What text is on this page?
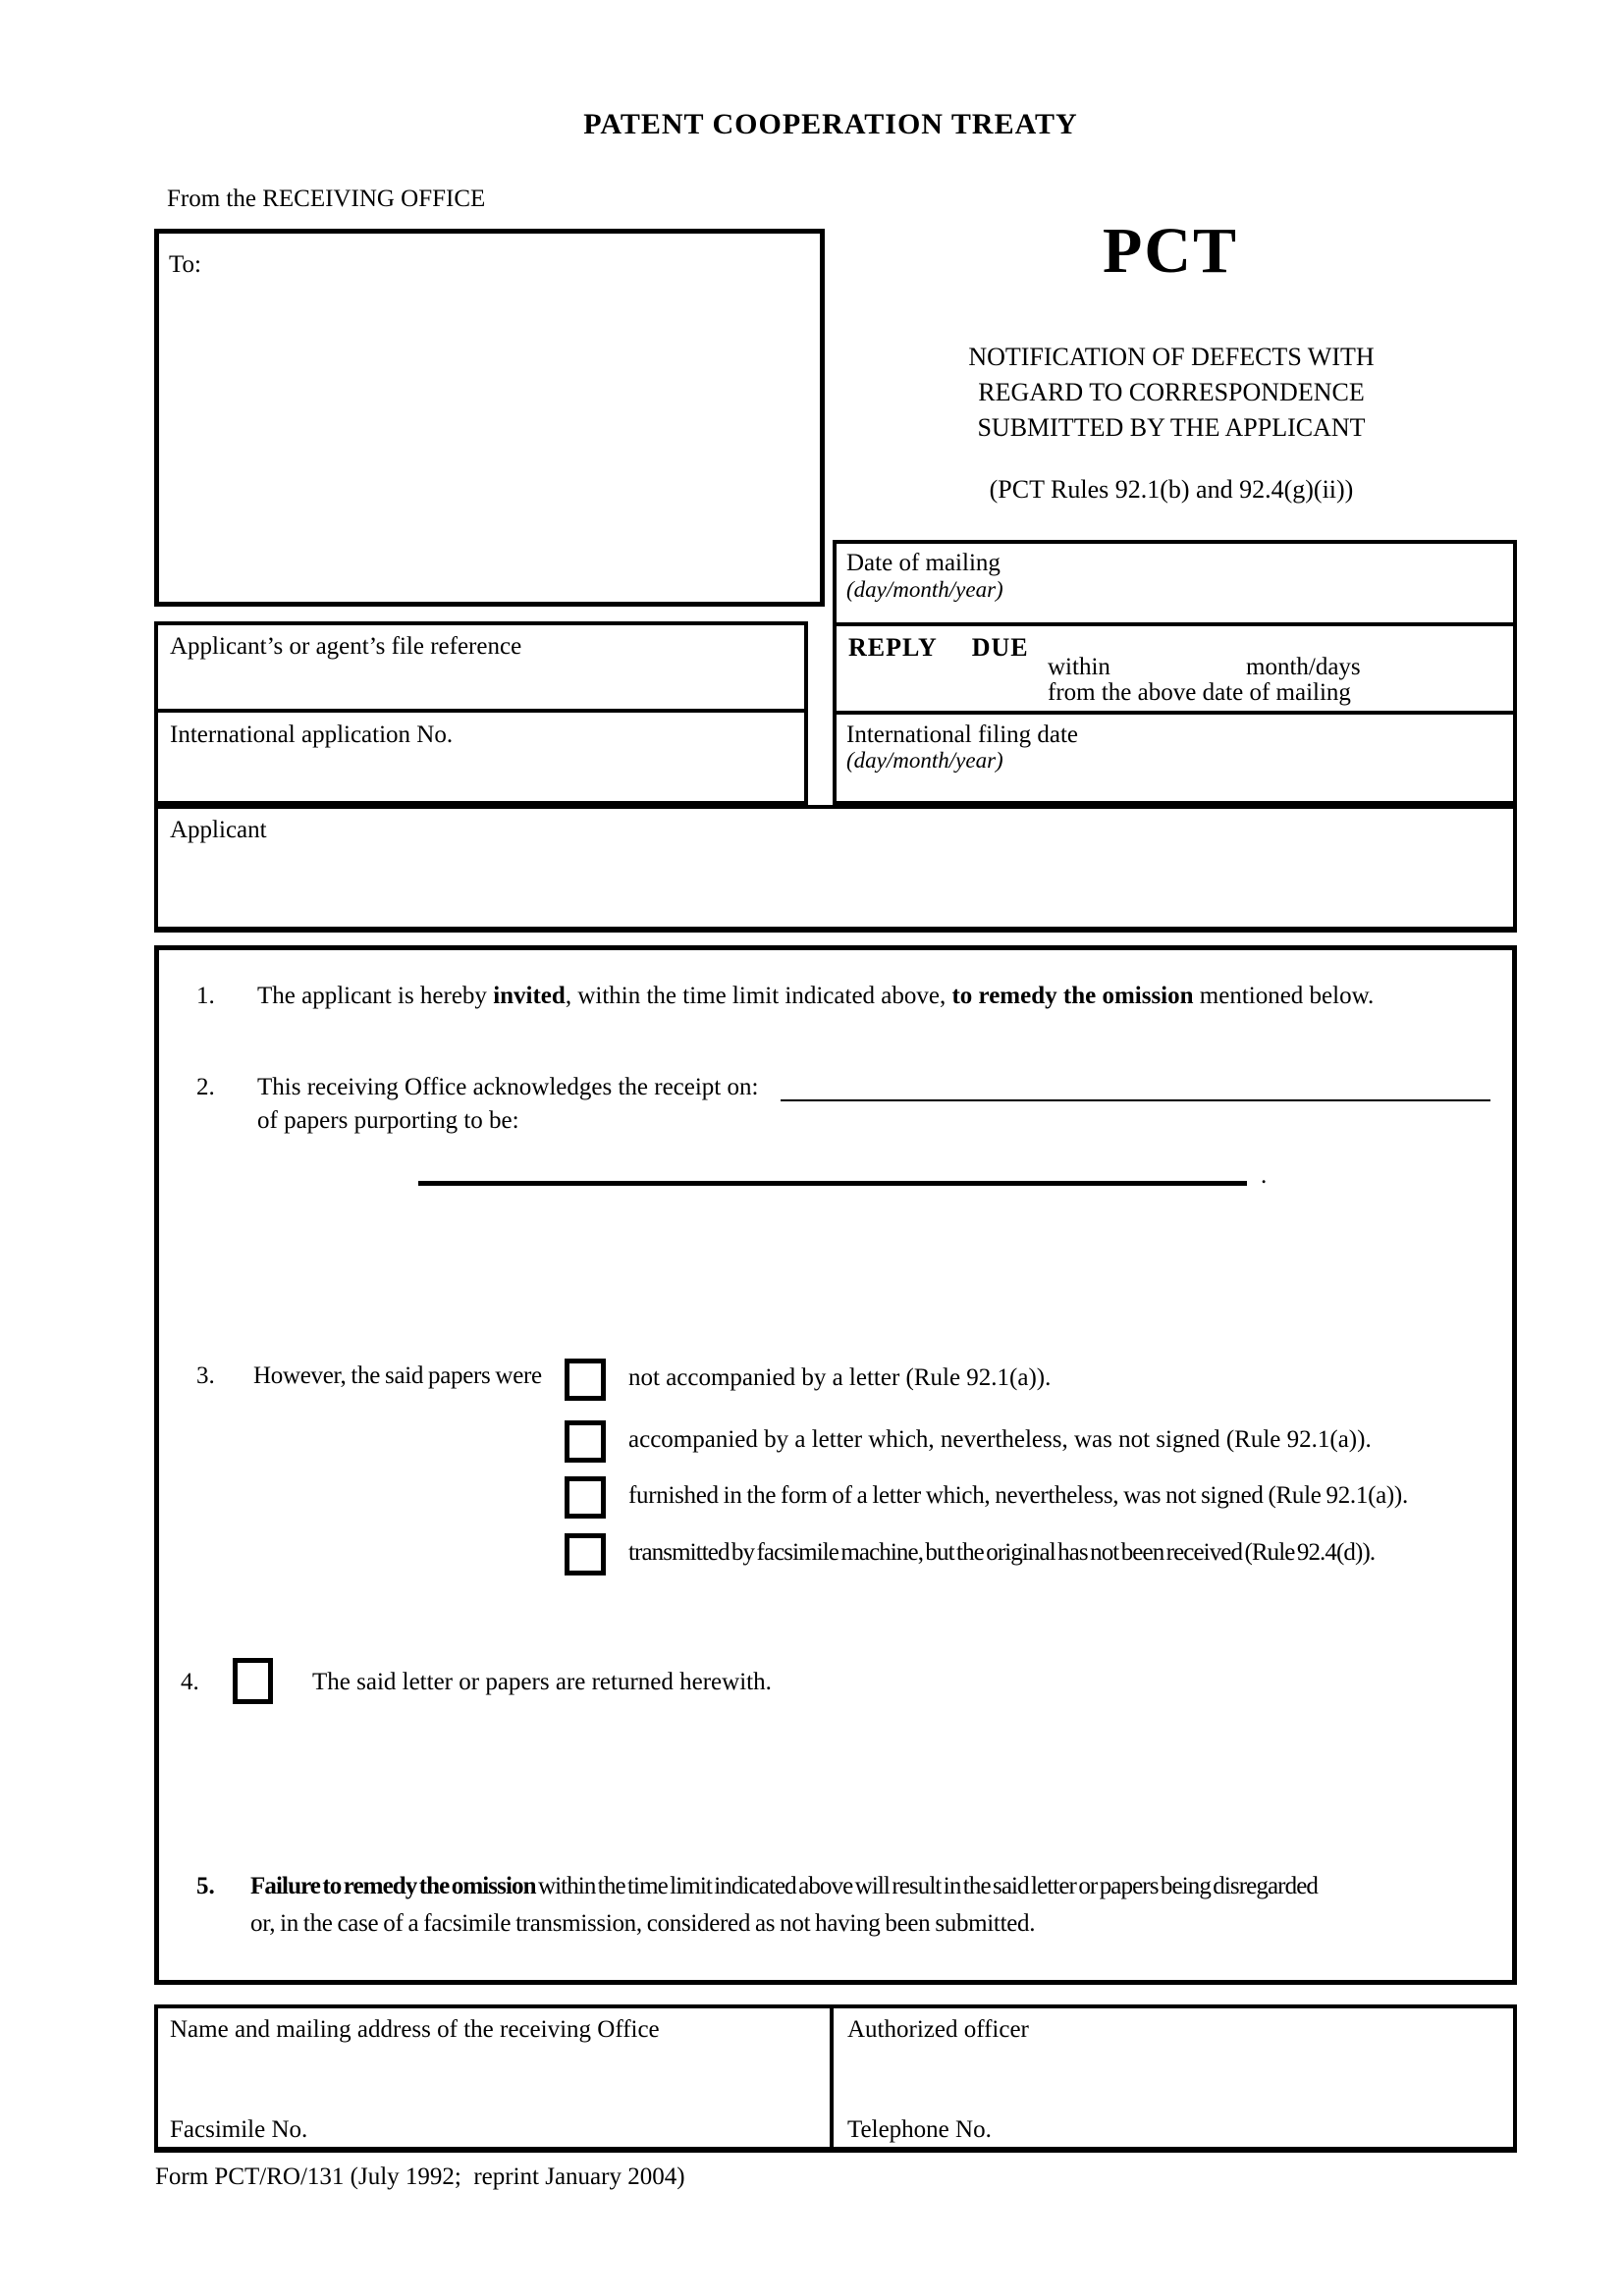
PATENT COOPERATION TREATY
From the RECEIVING OFFICE
To:	PCT
NOTIFICATION OF DEFECTS WITH
REGARD TO CORRESPONDENCE
SUBMITTED BY THE APPLICANT
(PCT Rules 92.1(b) and 92.4(g)(ii))
Date of mailing
(day/month/year)
REPLY  DUE
within	month/days
from the above date of mailing
International filing date
(day/month/year)
Applicant’s or agent’s file reference
International application No.
Applicant
1. The applicant is hereby invited, within the time limit indicated above, to remedy the omission mentioned below.
2. This receiving Office acknowledges the receipt on:
of papers purporting to be:
.
3. However, the said papers were	not accompanied by a letter (Rule 92.1(a)).
accompanied by a letter which, nevertheless, was not signed (Rule 92.1(a)).
furnished in the form of a letter which, nevertheless, was not signed (Rule 92.1(a)).
transmitted by facsimile machine, but the original has not been received (Rule 92.4(d)).
4.	The said letter or papers are returned herewith.
5. Failure to remedy the omission within the time limit indicated above will result in the said letter or papers being disregarded
or, in the case of a facsimile transmission, considered as not having been submitted.
Name and mailing address of the receiving Office
Facsimile No.
Authorized officer
Telephone No.
Form PCT/RO/131 (July 1992;  reprint January 2004)
